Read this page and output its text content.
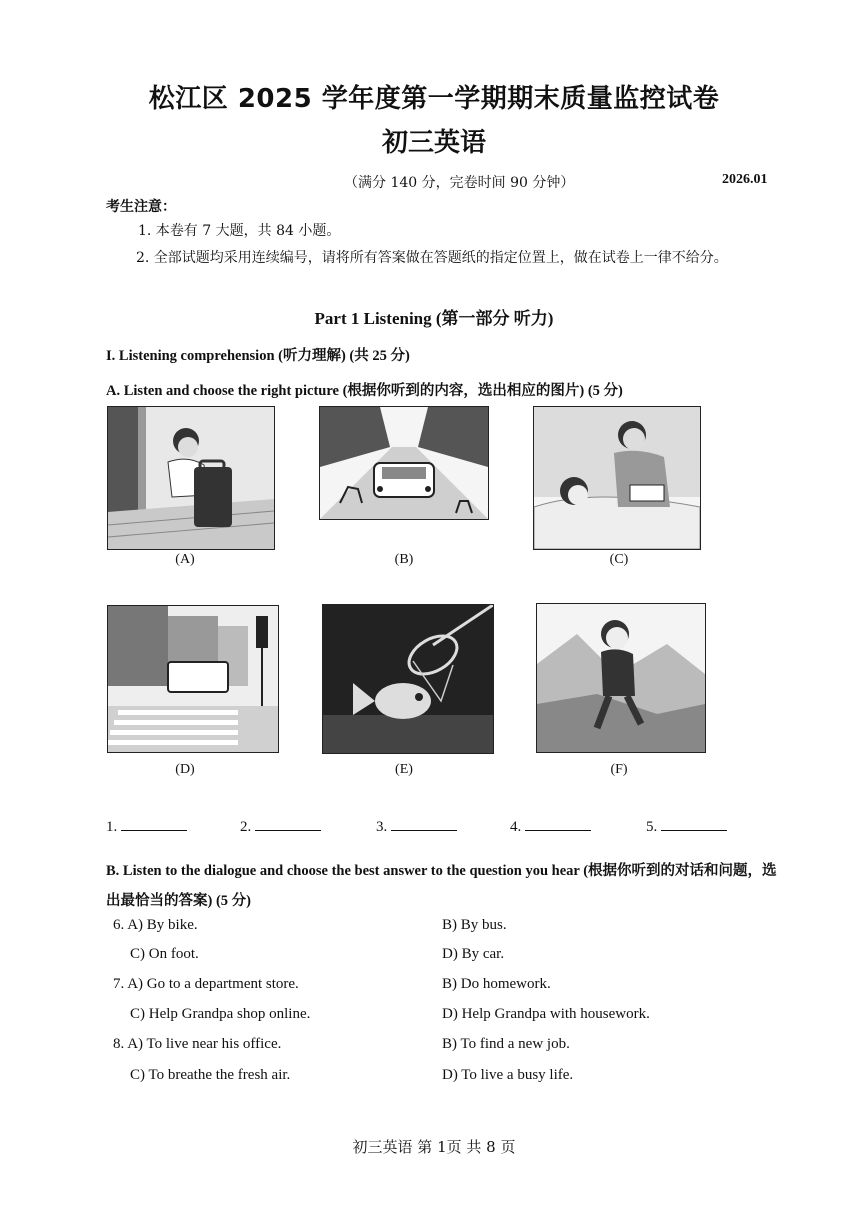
松江区 2025 学年度第一学期期末质量监控试卷
初三英语
（满分 140 分，完卷时间 90 分钟）	2026.01
考生注意：
1. 本卷有 7 大题，共 84 小题。
2. 全部试题均采用连续编号，请将所有答案做在答题纸的指定位置上，做在试卷上一律不给分。
Part 1 Listening (第一部分 听力)
I. Listening comprehension (听力理解) (共 25 分)
A. Listen and choose the right picture (根据你听到的内容，选出相应的图片) (5 分)
(A)	(B)	(C)
(D)	(E)	(F)
1.	2.	3.	4.	5.
B. Listen to the dialogue and choose the best answer to the question you hear (根据你听到的对话和问题，选出最恰当的答案) (5 分)
6. A) By bike.	B) By bus.
C) On foot.	D) By car.
7. A) Go to a department store.	B) Do homework.
C) Help Grandpa shop online.	D) Help Grandpa with housework.
8. A) To live near his office.	B) To find a new job.
C) To breathe the fresh air.	D) To live a busy life.
初三英语 第 1页 共 8 页
